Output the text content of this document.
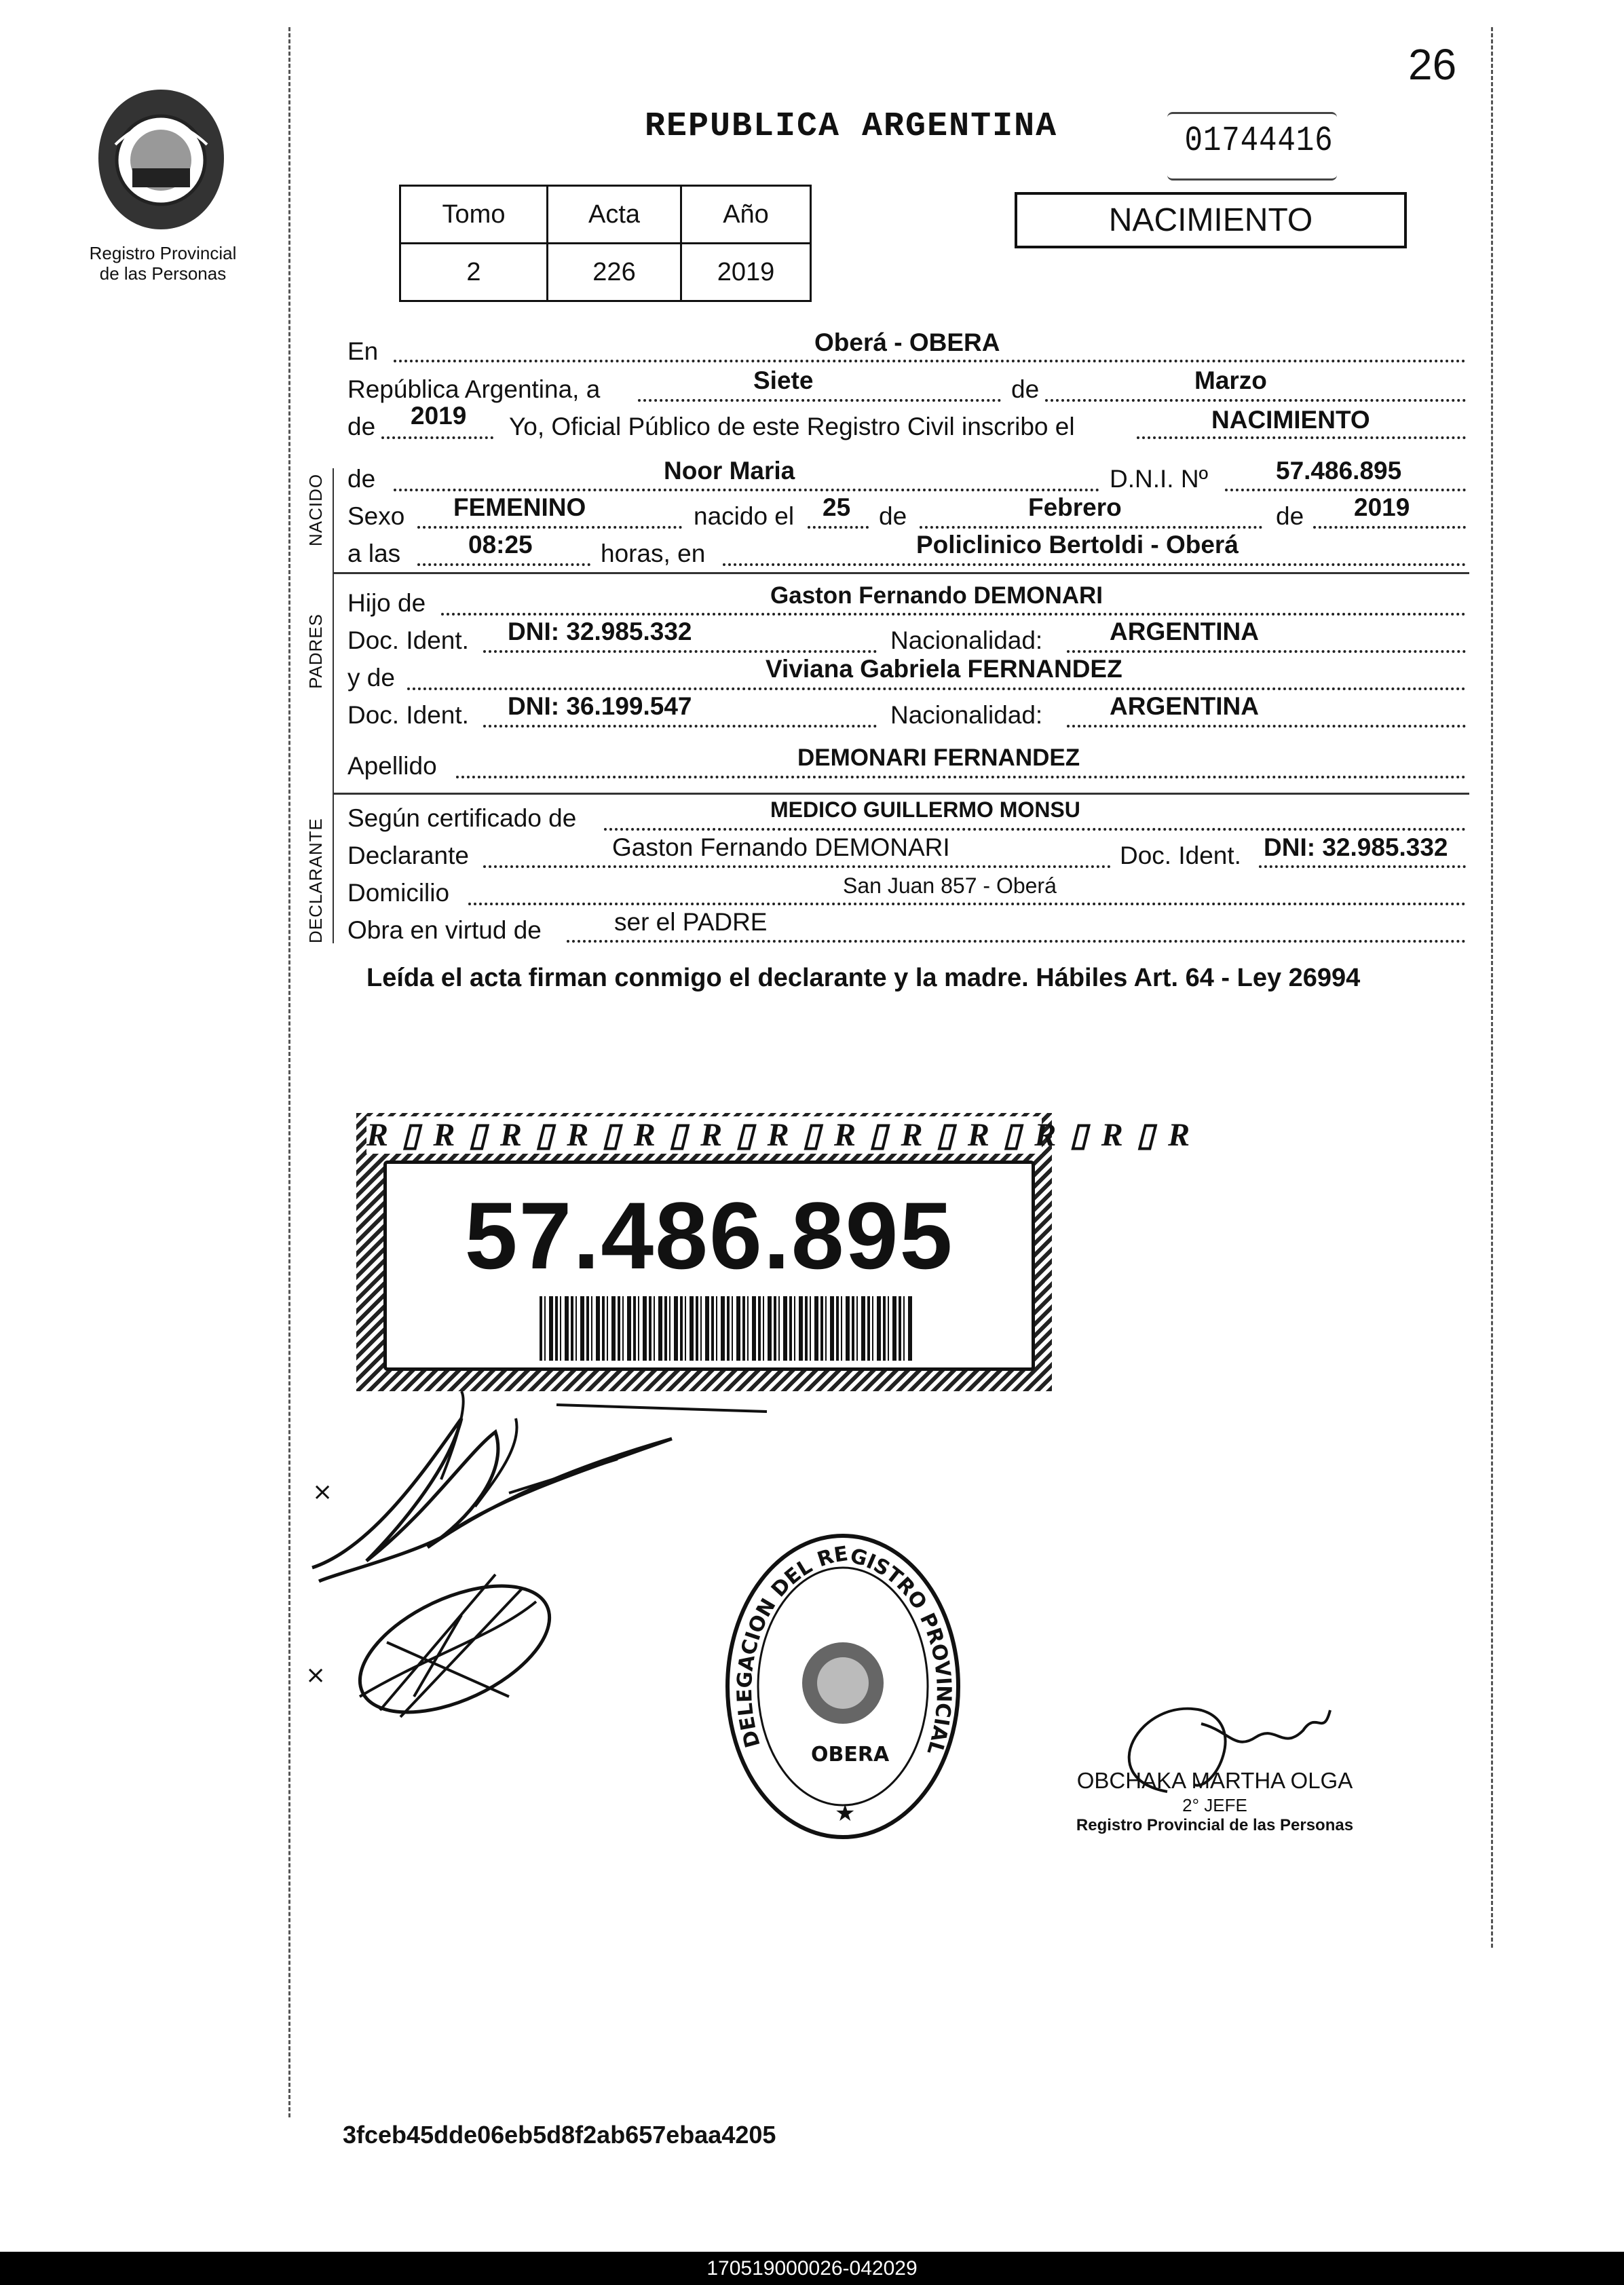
26
Registro Provincial
de las Personas
REPUBLICA ARGENTINA	01744416
NACIMIENTO
Tomo	Acta	Año
2	226	2019
NACIDO
PADRES
DECLARANTE
En	Oberá - OBERA
República Argentina, a	Siete	de	Marzo
de 2019 Yo, Oficial Público de este Registro Civil inscribo el	NACIMIENTO
de	Noor Maria	D.N.I. Nº	57.486.895
Sexo FEMENINO	nacido el 25 de	Febrero	de 2019
a las	08:25	horas, en	Policlinico Bertoldi - Oberá
Hijo de	Gaston Fernando DEMONARI
Doc. Ident. DNI: 32.985.332	Nacionalidad:	ARGENTINA
y de	Viviana Gabriela FERNANDEZ
Doc. Ident. DNI: 36.199.547	Nacionalidad:	ARGENTINA
Apellido	DEMONARI FERNANDEZ
Según certificado de	MEDICO GUILLERMO MONSU
Declarante	Gaston Fernando DEMONARI	Doc. Ident. DNI: 32.985.332
Domicilio	San Juan 857 - Oberá
Obra en virtud de	ser el PADRE
Leída el acta firman conmigo el declarante y la madre. Hábiles Art. 64 - Ley 26994
R ▯ R ▯ R ▯ R ▯ R ▯ R ▯ R ▯ R ▯ R ▯ R ▯ R ▯ R ▯ R
57.486.895
×
×
DELEGACION DEL REGISTRO PROVINCIAL
OBERA
★
OBCHAKA MARTHA OLGA
2° JEFE
Registro Provincial de las Personas
3fceb45dde06eb5d8f2ab657ebaa4205
170519000026-042029
